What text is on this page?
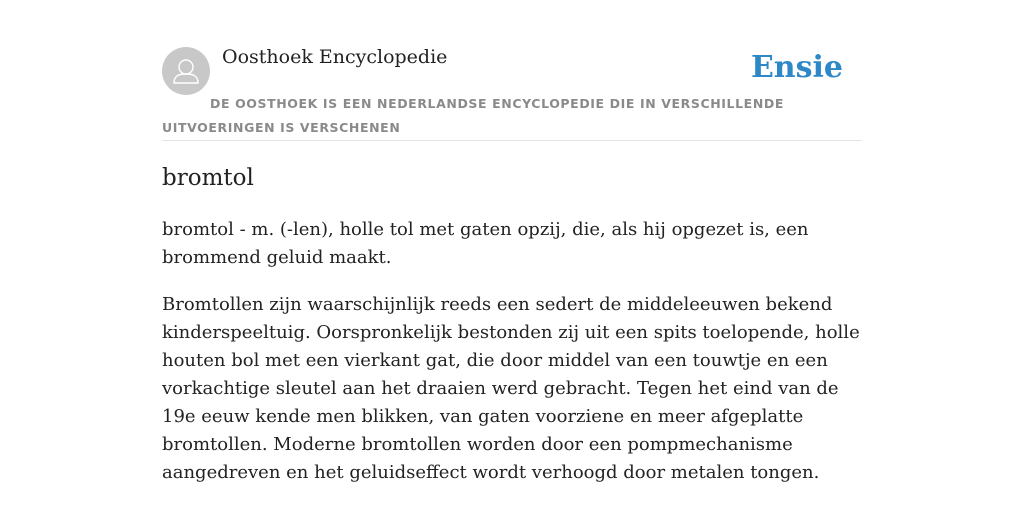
Oosthoek Encyclopedie	Ensie
DE OOSTHOEK IS EEN NEDERLANDSE ENCYCLOPEDIE DIE IN VERSCHILLENDE UITVOERINGEN IS VERSCHENEN
bromtol

bromtol - m. (-len), holle tol met gaten opzij, die, als hij opgezet is, een brommend geluid maakt.

Bromtollen zijn waarschijnlijk reeds een sedert de middeleeuwen bekend kinderspeeltuig. Oorspronkelijk bestonden zij uit een spits toelopende, holle houten bol met een vierkant gat, die door middel van een touwtje en een vorkachtige sleutel aan het draaien werd gebracht. Tegen het eind van de 19e eeuw kende men blikken, van gaten voorziene en meer afgeplatte bromtollen. Moderne bromtollen worden door een pompmechanisme aangedreven en het geluidseffect wordt verhoogd door metalen tongen.
